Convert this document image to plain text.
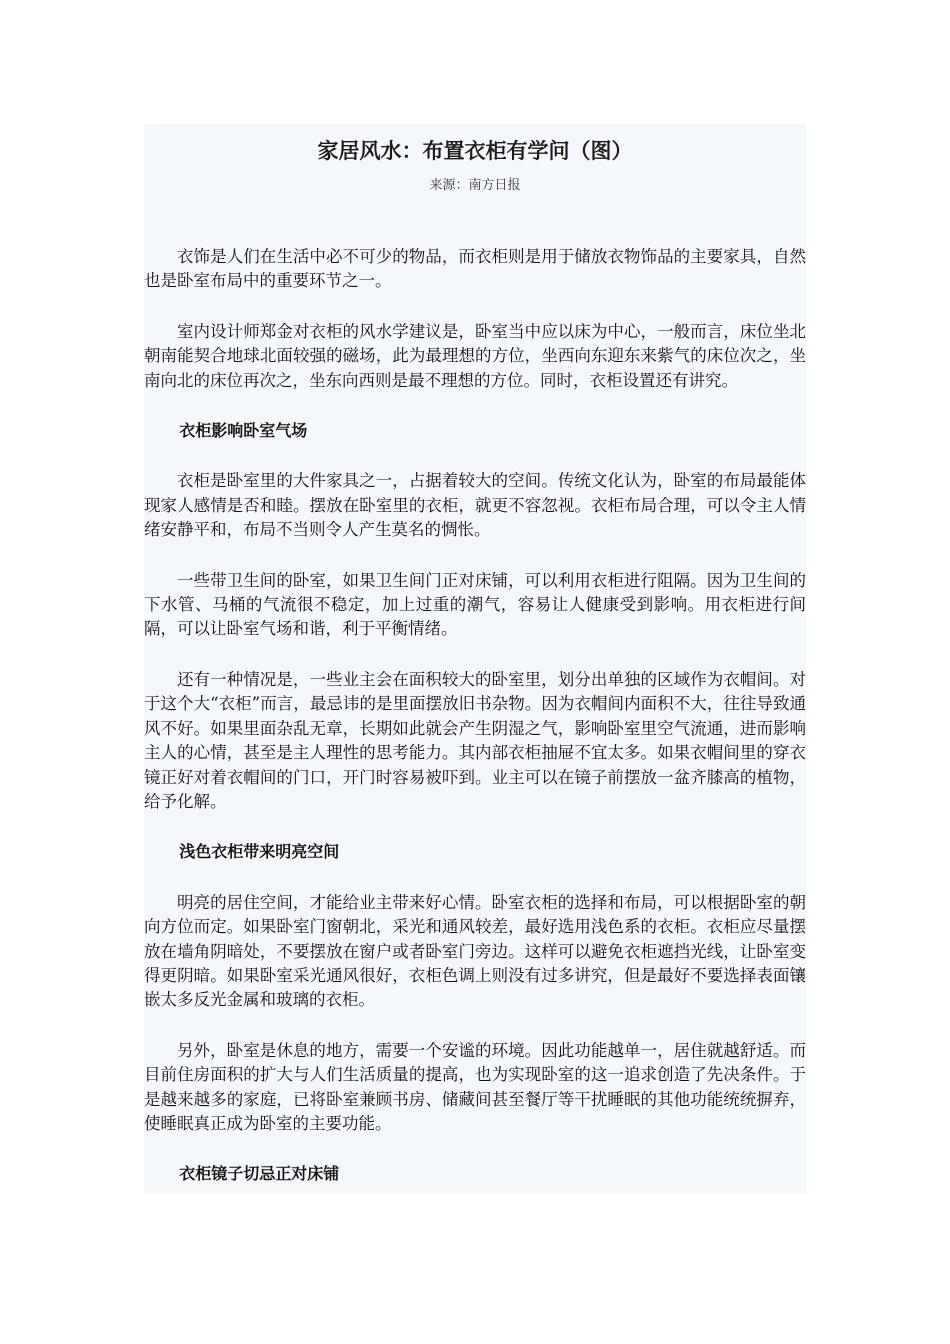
家居风水：布置衣柜有学问（图）
来源：南方日报

衣饰是人们在生活中必不可少的物品，而衣柜则是用于储放衣物饰品的主要家具，自然也是卧室布局中的重要环节之一。

室内设计师郑金对衣柜的风水学建议是，卧室当中应以床为中心，一般而言，床位坐北朝南能契合地球北面较强的磁场，此为最理想的方位，坐西向东迎东来紫气的床位次之，坐南向北的床位再次之，坐东向西则是最不理想的方位。同时，衣柜设置还有讲究。

衣柜影响卧室气场

衣柜是卧室里的大件家具之一，占据着较大的空间。传统文化认为，卧室的布局最能体现家人感情是否和睦。摆放在卧室里的衣柜，就更不容忽视。衣柜布局合理，可以令主人情绪安静平和，布局不当则令人产生莫名的惆怅。

一些带卫生间的卧室，如果卫生间门正对床铺，可以利用衣柜进行阻隔。因为卫生间的下水管、马桶的气流很不稳定，加上过重的潮气，容易让人健康受到影响。用衣柜进行间隔，可以让卧室气场和谐，利于平衡情绪。

还有一种情况是，一些业主会在面积较大的卧室里，划分出单独的区域作为衣帽间。对于这个大“衣柜”而言，最忌讳的是里面摆放旧书杂物。因为衣帽间内面积不大，往往导致通风不好。如果里面杂乱无章，长期如此就会产生阴湿之气，影响卧室里空气流通，进而影响主人的心情，甚至是主人理性的思考能力。其内部衣柜抽屉不宜太多。如果衣帽间里的穿衣镜正好对着衣帽间的门口，开门时容易被吓到。业主可以在镜子前摆放一盆齐膝高的植物，给予化解。

浅色衣柜带来明亮空间

明亮的居住空间，才能给业主带来好心情。卧室衣柜的选择和布局，可以根据卧室的朝向方位而定。如果卧室门窗朝北，采光和通风较差，最好选用浅色系的衣柜。衣柜应尽量摆放在墙角阴暗处，不要摆放在窗户或者卧室门旁边。这样可以避免衣柜遮挡光线，让卧室变得更阴暗。如果卧室采光通风很好，衣柜色调上则没有过多讲究，但是最好不要选择表面镶嵌太多反光金属和玻璃的衣柜。

另外，卧室是休息的地方，需要一个安谧的环境。因此功能越单一，居住就越舒适。而目前住房面积的扩大与人们生活质量的提高，也为实现卧室的这一追求创造了先决条件。于是越来越多的家庭，已将卧室兼顾书房、储藏间甚至餐厅等干扰睡眠的其他功能统统摒弃，使睡眠真正成为卧室的主要功能。

衣柜镜子切忌正对床铺
